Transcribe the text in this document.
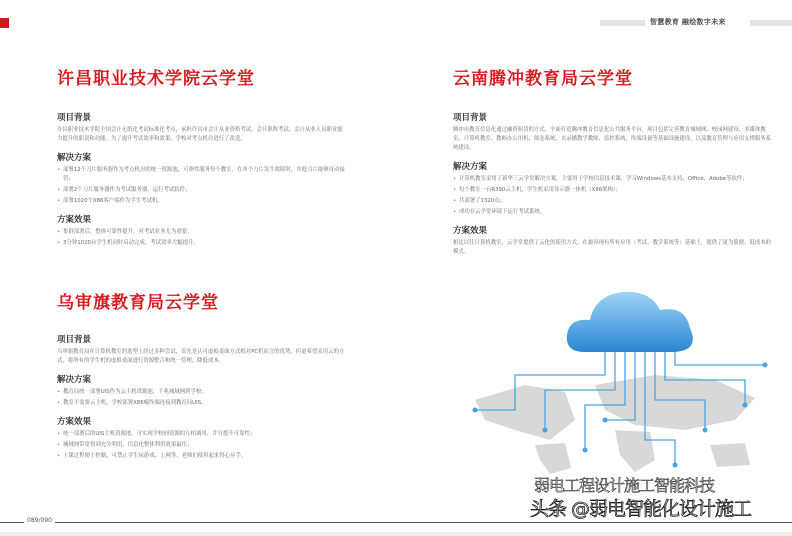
智慧教育 融绘数字未来
许昌职业技术学院云学堂
项目背景
许昌职业技术学院全国会计无纸化考试标准化考点，承担许昌市会计从业资格考试、会计职称考试、会计从业人员职业能力提升的职责和功能。为了提升考试效率和效果，学校对考点机房进行了改造。
解决方案
• 部署12个刀片服务器作为考点机房的统一资源池，可弹性服务每个教室，在单个刀片发生故障时，其他刀片能够自动接管；
• 部署2个刀片服务器作为考试服务器，运行考试软件；
• 部署1020个X86客户端作为学生考试机。
方案效果
• 集群部署后，整体可靠性提升，对考试业务尤为重要；
• 3分钟1020台学生机同时启动完成，考试效率大幅提升。
乌审旗教育局云学堂
项目背景
乌审旗教育局在计算机教室的选型上经过多种尝试，首先是认可虚拟桌面方式相对PC机而言的优势，但更希望采用云的方式，将所有的学生机的虚拟桌面进行资源整合和统一管理，降低成本。
解决方案
• 教育局统一部署UIS作为云主机资源池，千兆城域网到学校；
• 教室不需要云主机，学校部署X86瘦终端连接到教育局UIS。
方案效果
• 统一部署后的UIS主机资源池，可实现学校间资源的互相调用，并且提升可靠性；
• 城域网带宽得到充分利用，信息化整体利用效果最佳；
• 上课过程便于控制，可禁止学生玩游戏、上网等，老师们使用起来得心应手。
云南腾冲教育局云学堂
项目背景
腾冲市教育信息化通过融资租赁的方式，全面打造腾冲教育信息化公共服务平台，项目包括完善教育城域网、校园网建设、多媒体教室、计算机教室、教师办公用机、阅卷系统、直录播教学教师、监控系统、终端设备等基础设施建设，以及教育管理与应用支撑服务系统建设。
解决方案
• 计算机教室采用了新华三云学堂解决方案，主要用于学校信息技术课，学习Windows基本支持、Office、Adobe等软件；
• 每个教室一台R390云主机，学生机采用显示器一体机（X86架构）；
• 共部署了1320点；
• 成功在云学堂环境下运行考试系统。
方案效果
相比以往计算机教室，云学堂提供了云化的使用方式，在兼容现有所有应用（考试、教学系统等）基础上，提供了更为简便、低成本的模式。
089/090
弱电工程设计施工智能科技
头条 @弱电智能化设计施工
